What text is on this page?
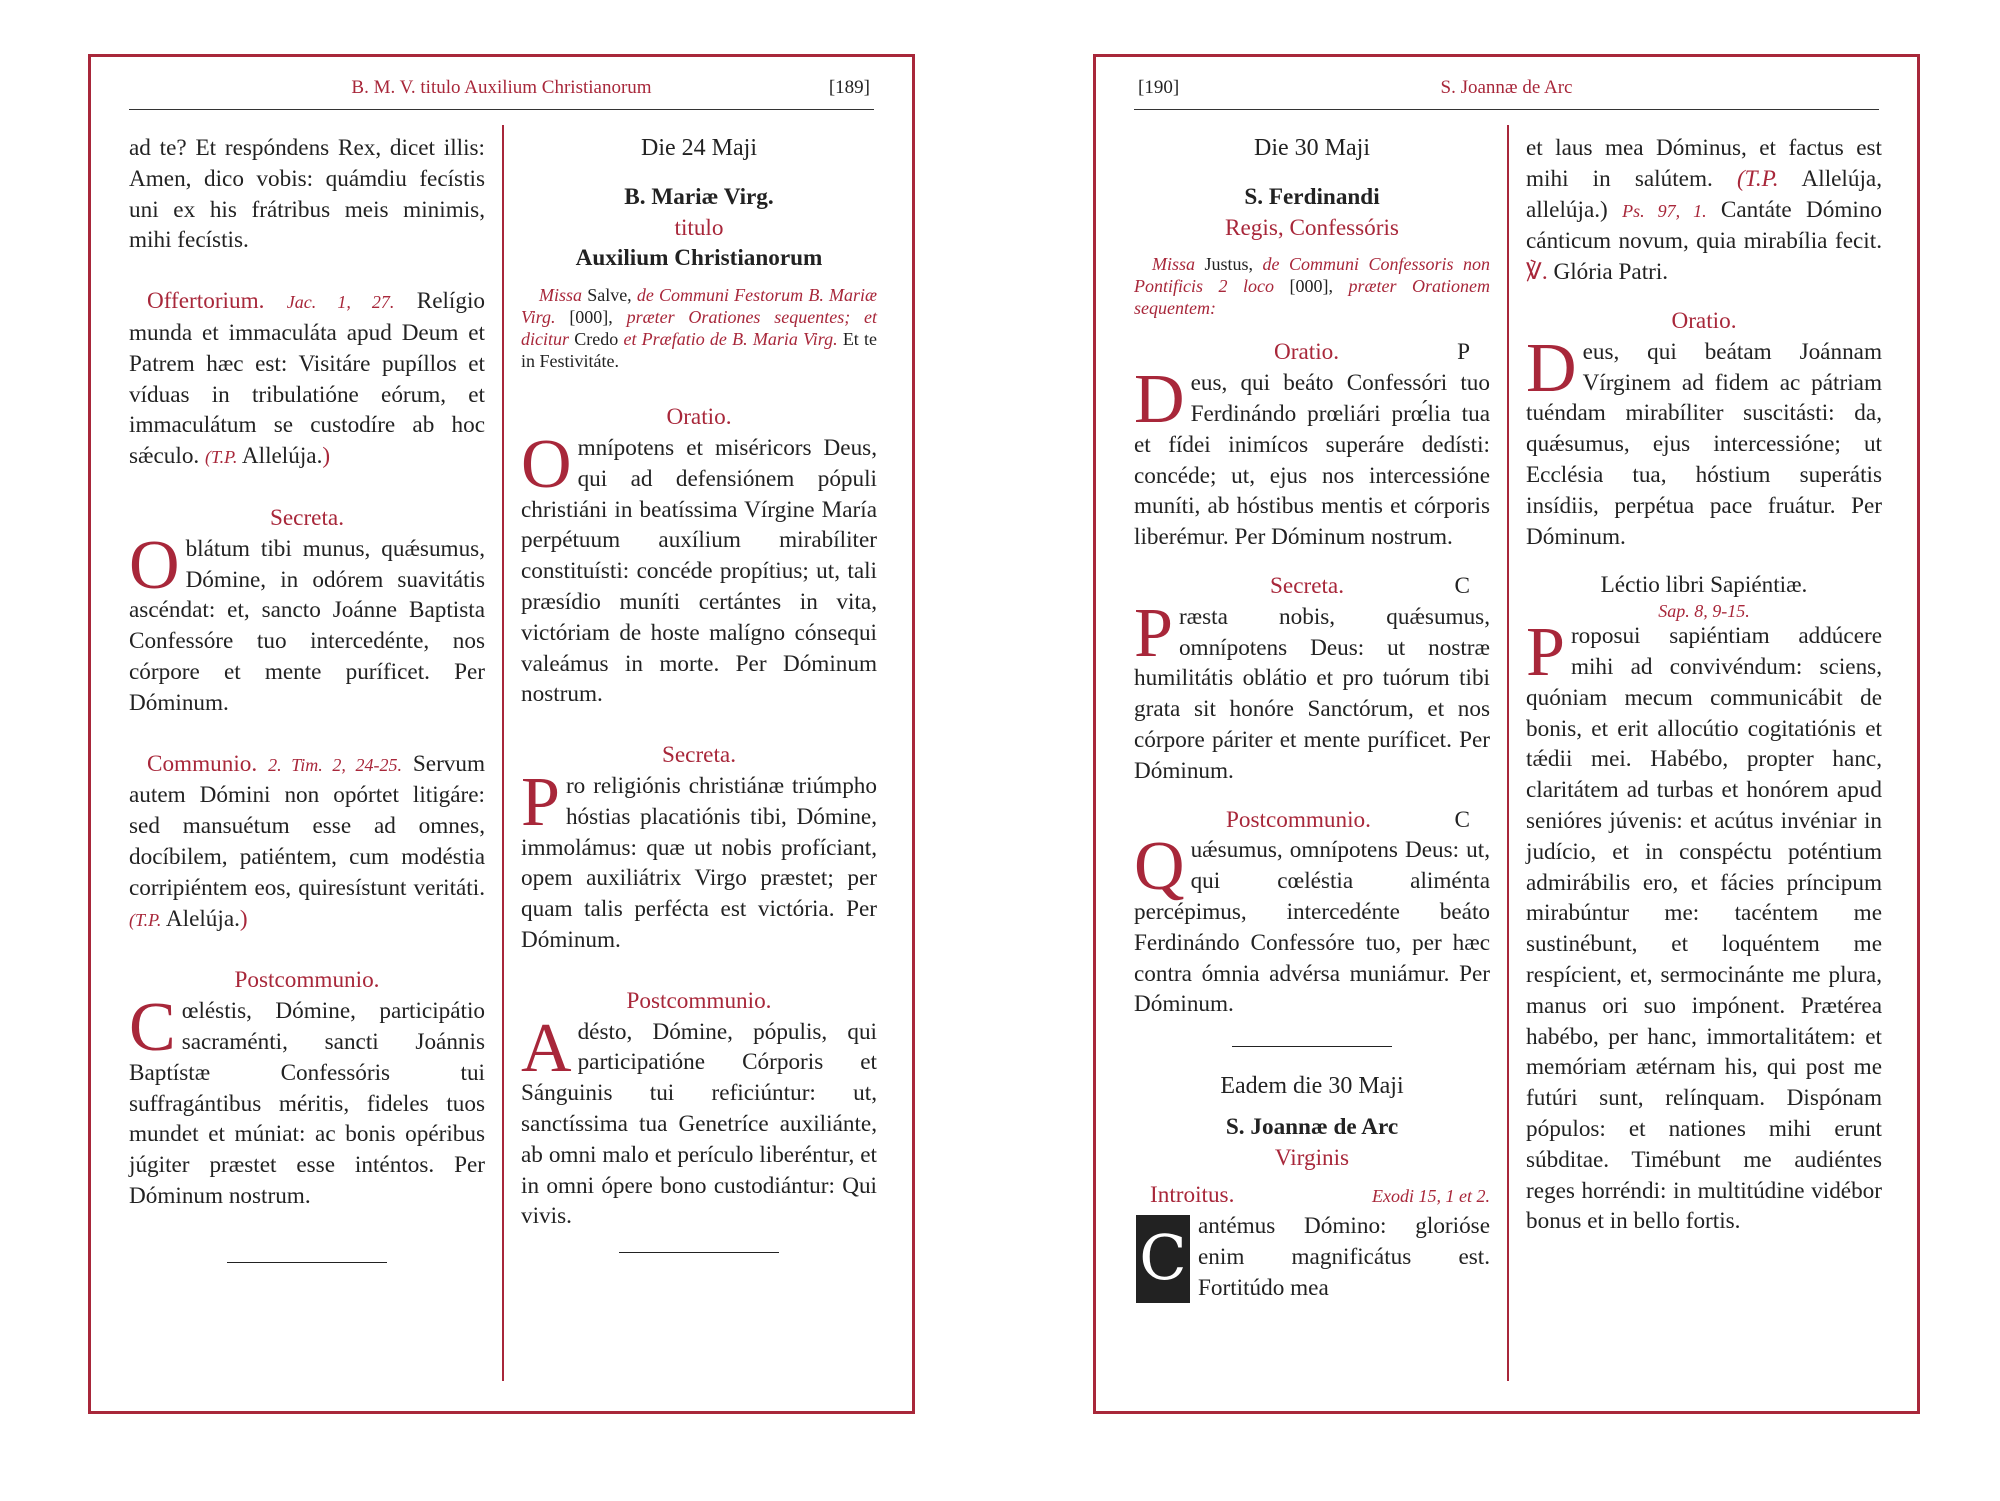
B. M. V. titulo Auxilium Christianorum	[189]

ad te? Et respóndens Rex, dicet illis: Amen, dico vobis: quámdiu fecístis uni ex his frátribus meis minimis, mihi fecístis.

Offertorium. Jac. 1, 27. Relígio munda et immaculáta apud Deum et Patrem hæc est: Visitáre pupíllos et víduas in tribulatióne eórum, et immaculátum se custodíre ab hoc sǽculo. (T.P. Allelúja.)

Secreta.

O blátum tibi munus, quǽsumus, Dómine, in odórem suavitátis ascéndat: et, sancto Joánne Baptista Confessóre tuo intercedénte, nos córpore et mente puríficet. Per Dóminum.

Communio. 2. Tim. 2, 24-25. Servum autem Dómini non opórtet litigáre: sed mansuétum esse ad omnes, docíbilem, patiéntem, cum modéstia corripiéntem eos, quiresístunt veritáti. (T.P. Alelúja.)

Postcommunio.

C œléstis, Dómine, participátio sacraménti, sancti Joánnis Baptístæ Confessóris tui suffragántibus méritis, fideles tuos mundet et múniat: ac bonis opéribus júgiter præstet esse inténtos. Per Dóminum nostrum.

Die 24 Maji
B. Mariæ Virg.
titulo
Auxilium Christianorum

Missa Salve, de Communi Festorum B. Mariæ Virg. [000], præter Orationes sequentes; et dicitur Credo et Præfatio de B. Maria Virg. Et te in Festivitáte.

Oratio.

O mnípotens et miséricors Deus, qui ad defensiónem pópuli christiáni in beatíssima Vírgine María perpétuum auxílium mirabíliter constituísti: concéde propítius; ut, tali præsídio muníti certántes in vita, victóriam de hoste malígno cónsequi valeámus in morte. Per Dóminum nostrum.

Secreta.

P ro religiónis christiánæ triúmpho hóstias placatiónis tibi, Dómine, immolámus: quæ ut nobis profíciant, opem auxiliátrix Virgo præstet; per quam talis perfécta est victória. Per Dóminum.

Postcommunio.

A désto, Dómine, pópulis, qui participatióne Córporis et Sánguinis tui reficiúntur: ut, sanctíssima tua Genetríce auxiliánte, ab omni malo et perículo liberéntur, et in omni ópere bono custodiántur: Qui vivis.

[190]	S. Joannæ de Arc
Die 30 Maji
S. Ferdinandi
Regis, Confessóris

Missa Justus, de Communi Confessoris non Pontificis 2 loco [000], præter Orationem sequentem:

Oratio.	P

D eus, qui beáto Confessóri tuo Ferdinándo prœliári prœ́lia tua et fídei inimícos superáre dedísti: concéde; ut, ejus nos intercessióne muníti, ab hóstibus mentis et córporis liberémur. Per Dóminum nostrum.

Secreta.	C

P ræsta nobis, quǽsumus, omnípotens Deus: ut nostræ humilitátis oblátio et pro tuórum tibi grata sit honóre Sanctórum, et nos córpore páriter et mente puríficet. Per Dóminum.

Postcommunio.	C

Q uǽsumus, omnípotens Deus: ut, qui cœléstia aliménta percépimus, intercedénte beáto Ferdinándo Confessóre tuo, per hæc contra ómnia advérsa muniámur. Per Dóminum.

Eadem die 30 Maji
S. Joannæ de Arc
Virginis
Introitus.	Exodi 15, 1 et 2.

C antémus Dómino: glorióse enim magnificátus est. Fortitúdo mea

et laus mea Dóminus, et factus est mihi in salútem. (T.P. Allelúja, allelúja.) Ps. 97, 1. Cantáte Dómino cánticum novum, quia mirabília fecit. ℣. Glória Patri.

Oratio.

D eus, qui beátam Joánnam Vírginem ad fidem ac pátriam tuéndam mirabíliter suscitásti: da, quǽsumus, ejus intercessióne; ut Ecclésia tua, hóstium superátis insídiis, perpétua pace fruátur. Per Dóminum.

Léctio libri Sapiéntiæ.
Sap. 8, 9-15.

P roposui sapiéntiam addúcere mihi ad convivéndum: sciens, quóniam mecum communicábit de bonis, et erit allocútio cogitatiónis et tǽdii mei. Habébo, propter hanc, claritátem ad turbas et honórem apud senióres júvenis: et acútus invéniar in judício, et in conspéctu poténtium admirábilis ero, et fácies príncipum mirabúntur me: tacéntem me sustinébunt, et loquéntem me respícient, et, sermocinánte me plura, manus ori suo impónent. Prætérea habébo, per hanc, immortalitátem: et memóriam ætérnam his, qui post me futúri sunt, relínquam. Dispónam pópulos: et nationes mihi erunt súbditae. Timébunt me audiéntes reges horréndi: in multitúdine vidébor bonus et in bello fortis.
